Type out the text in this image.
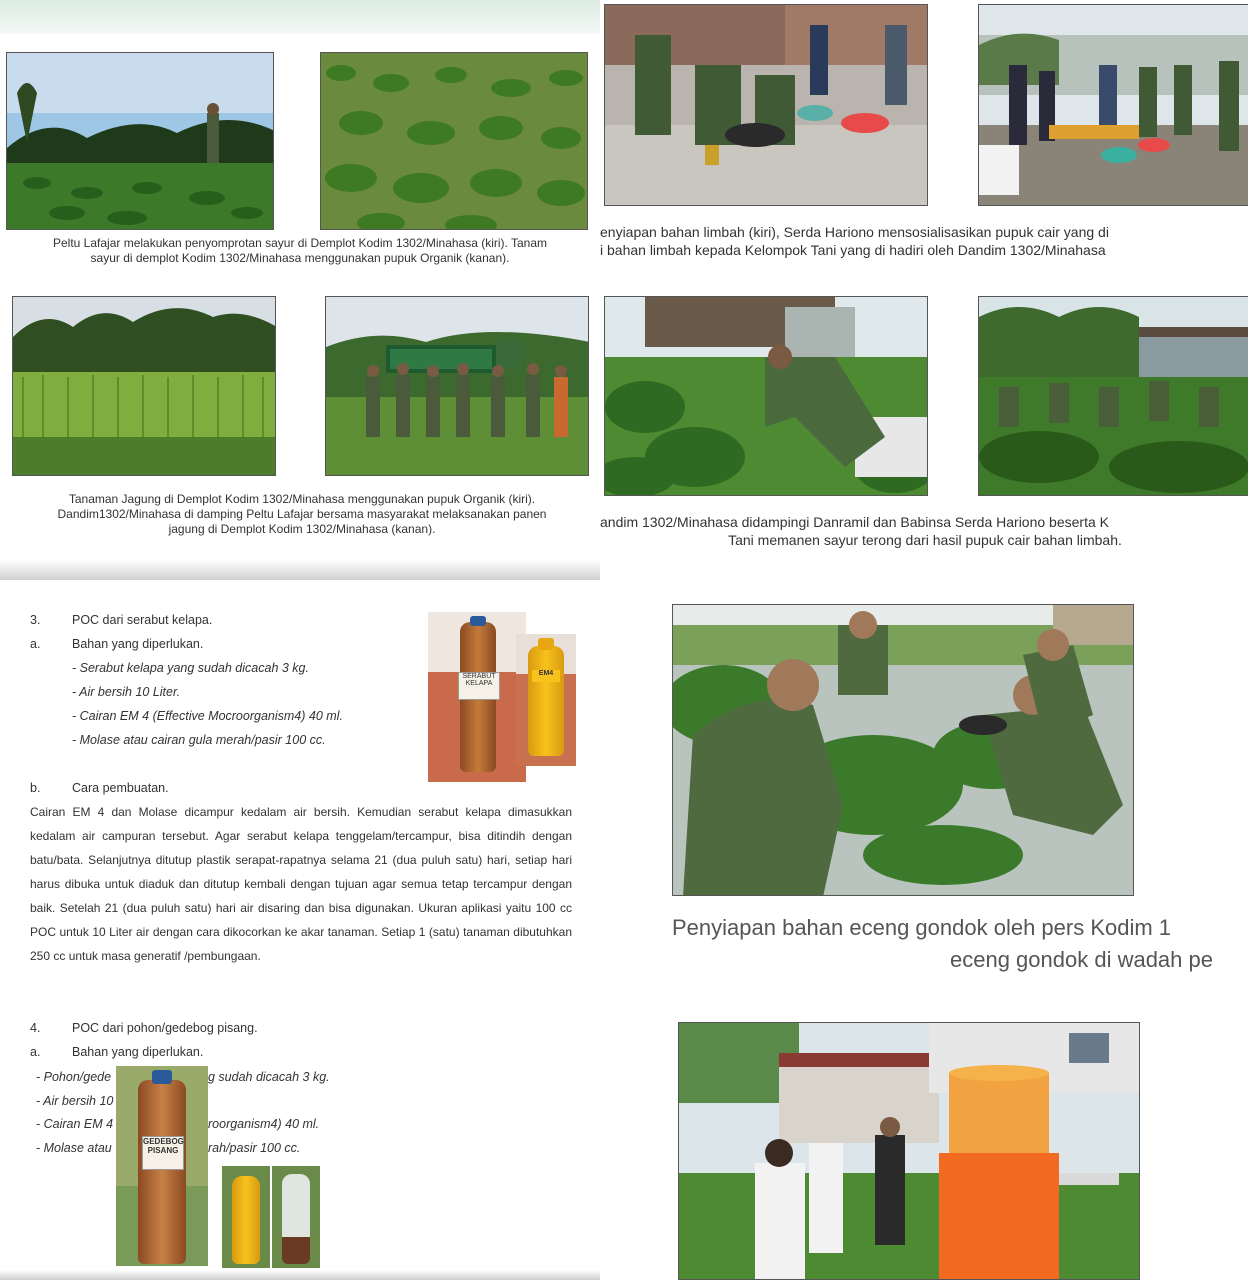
Peltu Lafajar melakukan penyomprotan sayur di Demplot Kodim 1302/Minahasa (kiri). Tanam
sayur di demplot Kodim 1302/Minahasa menggunakan pupuk Organik (kanan).
Tanaman Jagung di Demplot Kodim 1302/Minahasa menggunakan pupuk Organik (kiri).
Dandim1302/Minahasa di damping Peltu Lafajar bersama masyarakat melaksanakan panen
jagung di Demplot Kodim 1302/Minahasa (kanan).
enyiapan bahan limbah (kiri), Serda Hariono mensosialisasikan pupuk cair yang di
i bahan limbah kepada Kelompok Tani yang di hadiri oleh Dandim 1302/Minahasa
andim 1302/Minahasa didampingi Danramil dan Babinsa Serda Hariono beserta K
Tani memanen sayur terong dari hasil pupuk cair bahan limbah.
3.	POC dari serabut kelapa.
a.	Bahan yang diperlukan.
- Serabut kelapa yang sudah dicacah 3 kg.
- Air bersih 10 Liter.
- Cairan EM 4 (Effective Mocroorganism4) 40 ml.
- Molase atau cairan gula merah/pasir 100 cc.
SERABUT KELAPA
EM4
b.	Cara pembuatan.
Cairan EM 4 dan Molase dicampur kedalam air bersih. Kemudian serabut kelapa dimasukkan kedalam air campuran tersebut. Agar serabut kelapa tenggelam/tercampur, bisa ditindih dengan batu/bata. Selanjutnya ditutup plastik serapat-rapatnya selama 21 (dua puluh satu) hari, setiap hari harus dibuka untuk diaduk dan ditutup kembali dengan tujuan agar semua tetap tercampur dengan baik. Setelah 21 (dua puluh satu) hari air disaring dan bisa digunakan. Ukuran aplikasi yaitu 100 cc POC untuk 10 Liter air dengan cara dikocorkan ke akar tanaman. Setiap 1 (satu) tanaman dibutuhkan 250 cc untuk masa generatif /pembungaan.
4.	POC dari pohon/gedebog pisang.
a.	Bahan yang diperlukan.
- Pohon/gede	g sudah dicacah 3 kg.
- Air bersih 10
- Cairan EM 4	roorganism4) 40 ml.
- Molase atau	rah/pasir 100 cc.
GEDEBOG PISANG
Penyiapan bahan eceng gondok oleh pers Kodim 1
eceng gondok di wadah pe
